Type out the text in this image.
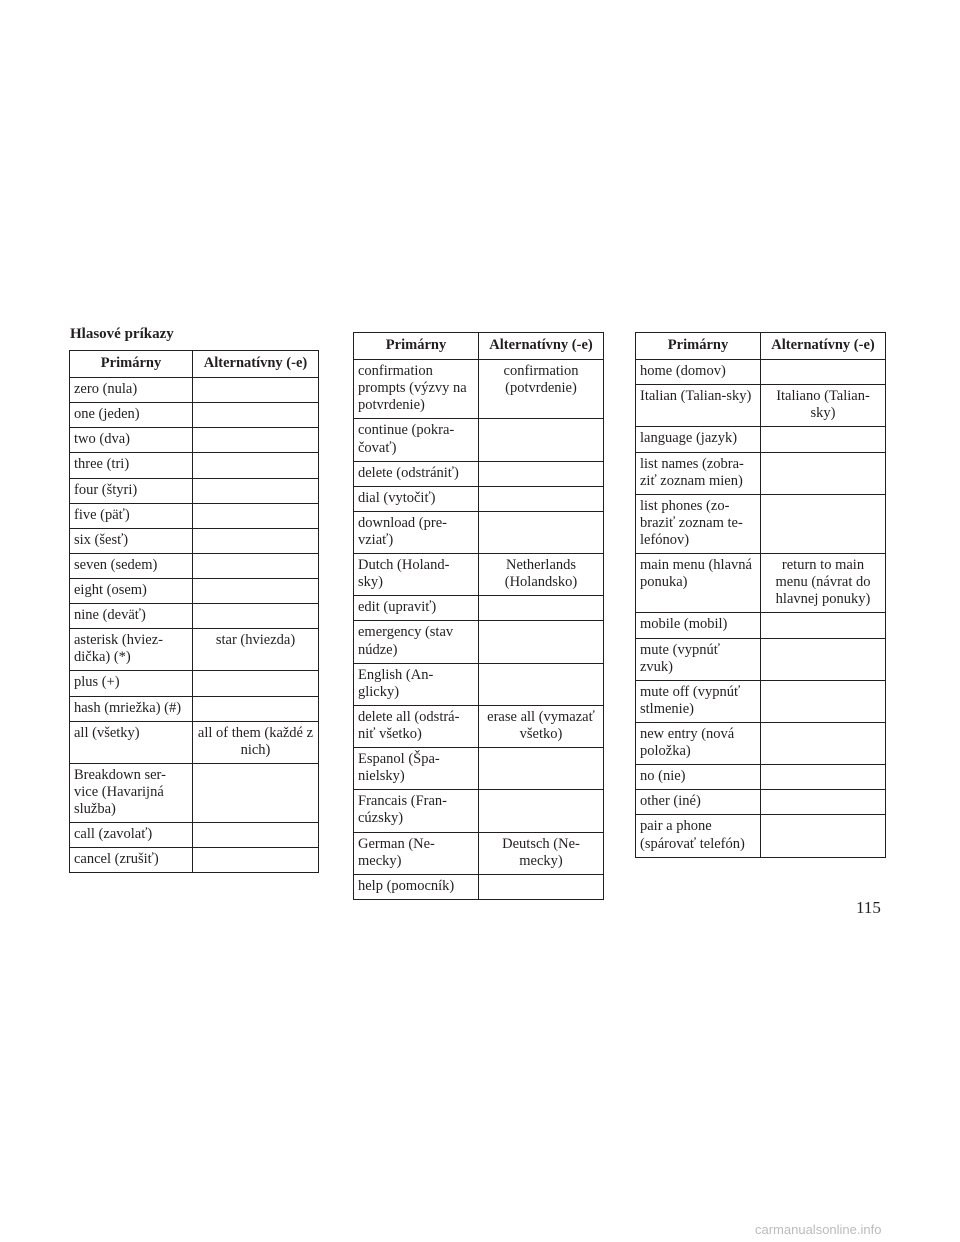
Hlasové príkazy
Primárny	Alternatívny (-e)
zero (nula)	
one (jeden)	
two (dva)	
three (tri)	
four (štyri)	
five (päť)	
six (šesť)	
seven (sedem)	
eight (osem)	
nine (deväť)	
asterisk (hviez-dička) (*)	star (hviezda)
plus (+)	
hash (mriežka) (#)	
all (všetky)	all of them (každé z nich)
Breakdown ser-vice (Havarijná služba)	
call (zavolať)	
cancel (zrušiť)	
Primárny	Alternatívny (-e)
confirmation prompts (výzvy na potvrdenie)	confirmation (potvrdenie)
continue (pokra-čovať)	
delete (odstrániť)	
dial (vytočiť)	
download (pre-vziať)	
Dutch (Holand-sky)	Netherlands (Holandsko)
edit (upraviť)	
emergency (stav núdze)	
English (An-glicky)	
delete all (odstrá-niť všetko)	erase all (vymazať všetko)
Espanol (Špa-nielsky)	
Francais (Fran-cúzsky)	
German (Ne-mecky)	Deutsch (Ne-mecky)
help (pomocník)	
Primárny	Alternatívny (-e)
home (domov)	
Italian (Talian-sky)	Italiano (Talian-sky)
language (jazyk)	
list names (zobra-ziť zoznam mien)	
list phones (zo-braziť zoznam te-lefónov)	
main menu (hlavná ponuka)	return to main menu (návrat do hlavnej ponuky)
mobile (mobil)	
mute (vypnúť zvuk)	
mute off (vypnúť stlmenie)	
new entry (nová položka)	
no (nie)	
other (iné)	
pair a phone (spárovať telefón)	
115
carmanualsonline.info
